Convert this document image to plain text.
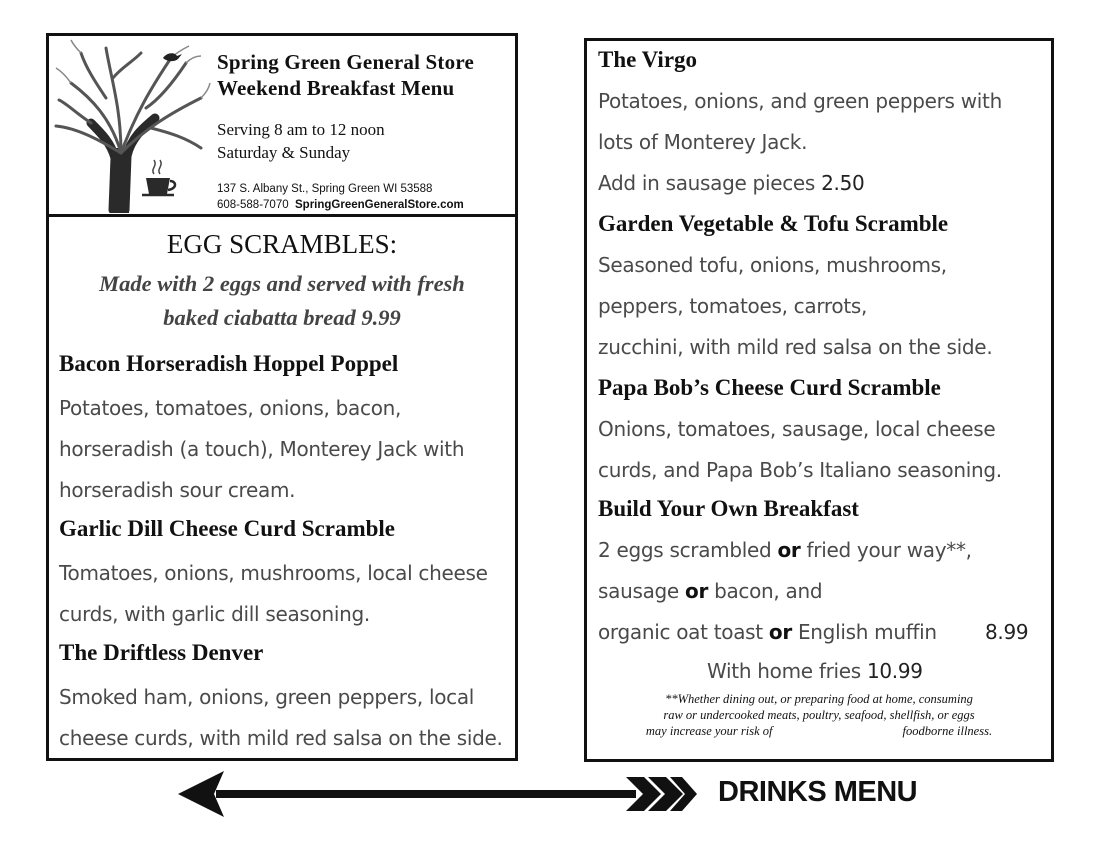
Spring Green General Store
Weekend Breakfast Menu
Serving 8 am to 12 noon
Saturday & Sunday
137 S. Albany St., Spring Green WI 53588
608-588-7070 SpringGreenGeneralStore.com
EGG SCRAMBLES:
Made with 2 eggs and served with fresh
baked ciabatta bread 9.99
Bacon Horseradish Hoppel Poppel
Potatoes, tomatoes, onions, bacon,
horseradish (a touch), Monterey Jack with
horseradish sour cream.
Garlic Dill Cheese Curd Scramble
Tomatoes, onions, mushrooms, local cheese
curds, with garlic dill seasoning.
The Driftless Denver
Smoked ham, onions, green peppers, local
cheese curds, with mild red salsa on the side.
The Virgo
Potatoes, onions, and green peppers with
lots of Monterey Jack.
Add in sausage pieces 2.50
Garden Vegetable & Tofu Scramble
Seasoned tofu, onions, mushrooms,
peppers, tomatoes, carrots,
zucchini, with mild red salsa on the side.
Papa Bob’s Cheese Curd Scramble
Onions, tomatoes, sausage, local cheese
curds, and Papa Bob’s Italiano seasoning.
Build Your Own Breakfast
2 eggs scrambled or fried your way**,
sausage or bacon, and
organic oat toast or English muffin 8.99
With home fries 10.99
**Whether dining out, or preparing food at home, consuming
raw or undercooked meats, poultry, seafood, shellfish, or eggs
may increase your risk of	foodborne illness.
DRINKS MENU
